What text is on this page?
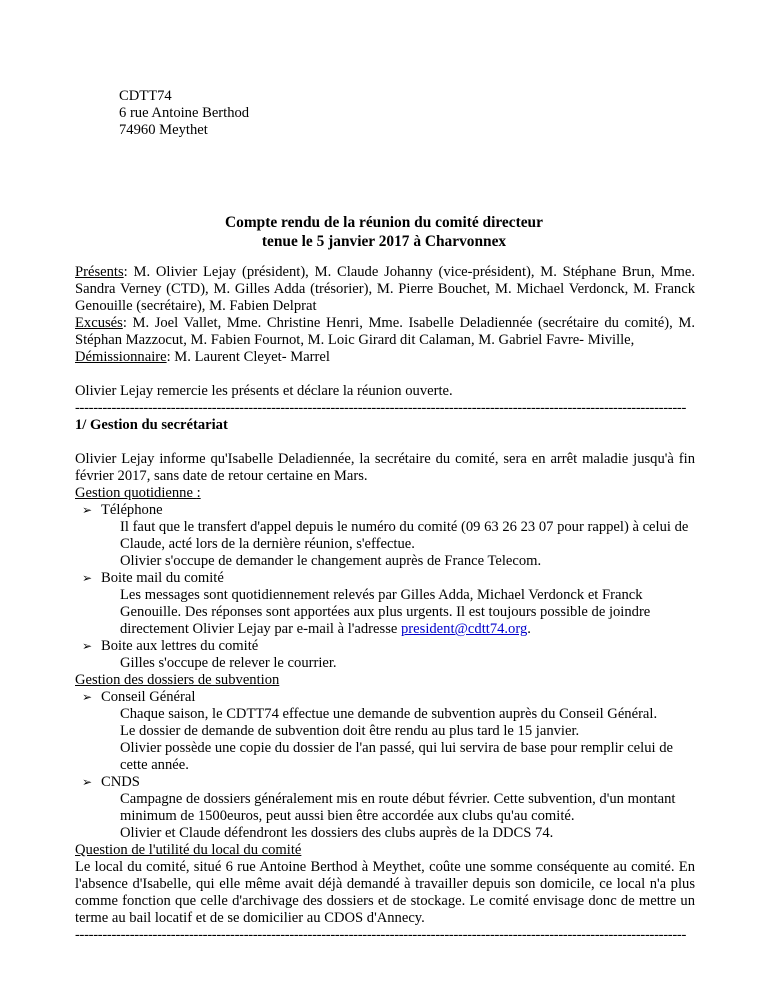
CDTT74
6 rue Antoine Berthod
74960 Meythet
Compte rendu de la réunion du comité directeur
tenue le 5 janvier 2017 à Charvonnex
Présents: M. Olivier Lejay (président), M. Claude Johanny (vice-président), M. Stéphane Brun, Mme. Sandra Verney (CTD), M. Gilles Adda (trésorier), M. Pierre Bouchet, M. Michael Verdonck, M. Franck Genouille (secrétaire), M. Fabien Delprat
Excusés: M. Joel Vallet, Mme. Christine Henri, Mme. Isabelle Deladiennée (secrétaire du comité), M. Stéphan Mazzocut, M. Fabien Fournot, M. Loic Girard dit Calaman, M. Gabriel Favre- Miville,
Démissionnaire: M. Laurent Cleyet- Marrel
Olivier Lejay remercie les présents et déclare la réunion ouverte.
--------------------------------------------------------------------------------------------------------------------------------------
1/ Gestion du secrétariat
Olivier Lejay informe qu'Isabelle Deladiennée, la secrétaire du comité, sera en arrêt maladie jusqu'à fin février 2017, sans date de retour certaine en Mars.
Gestion quotidienne :
➢ Téléphone
Il faut que le transfert d'appel depuis le numéro du comité (09 63 26 23 07 pour rappel) à celui de Claude, acté lors de la dernière réunion, s'effectue.
Olivier s'occupe de demander le changement auprès de France Telecom.
➢ Boite mail du comité
Les messages sont quotidiennement relevés par Gilles Adda, Michael Verdonck et Franck Genouille. Des réponses sont apportées aux plus urgents. Il est toujours possible de joindre directement Olivier Lejay par e-mail à l'adresse president@cdtt74.org.
➢ Boite aux lettres du comité
Gilles s'occupe de relever le courrier.
Gestion des dossiers de subvention
➢ Conseil Général
Chaque saison, le CDTT74 effectue une demande de subvention auprès du Conseil Général.
Le dossier de demande de subvention doit être rendu au plus tard le 15 janvier.
Olivier possède une copie du dossier de l'an passé, qui lui servira de base pour remplir celui de cette année.
➢ CNDS
Campagne de dossiers généralement mis en route début février. Cette subvention, d'un montant minimum de 1500euros, peut aussi bien être accordée aux clubs qu'au comité.
Olivier et Claude défendront les dossiers des clubs auprès de la DDCS 74.
Question de l'utilité du local du comité
Le local du comité, situé 6 rue Antoine Berthod à Meythet, coûte une somme conséquente au comité. En l'absence d'Isabelle, qui elle même avait déjà demandé à travailler depuis son domicile, ce local n'a plus comme fonction que celle d'archivage des dossiers et de stockage. Le comité envisage donc de mettre un terme au bail locatif et de se domicilier au CDOS d'Annecy.
--------------------------------------------------------------------------------------------------------------------------------------
